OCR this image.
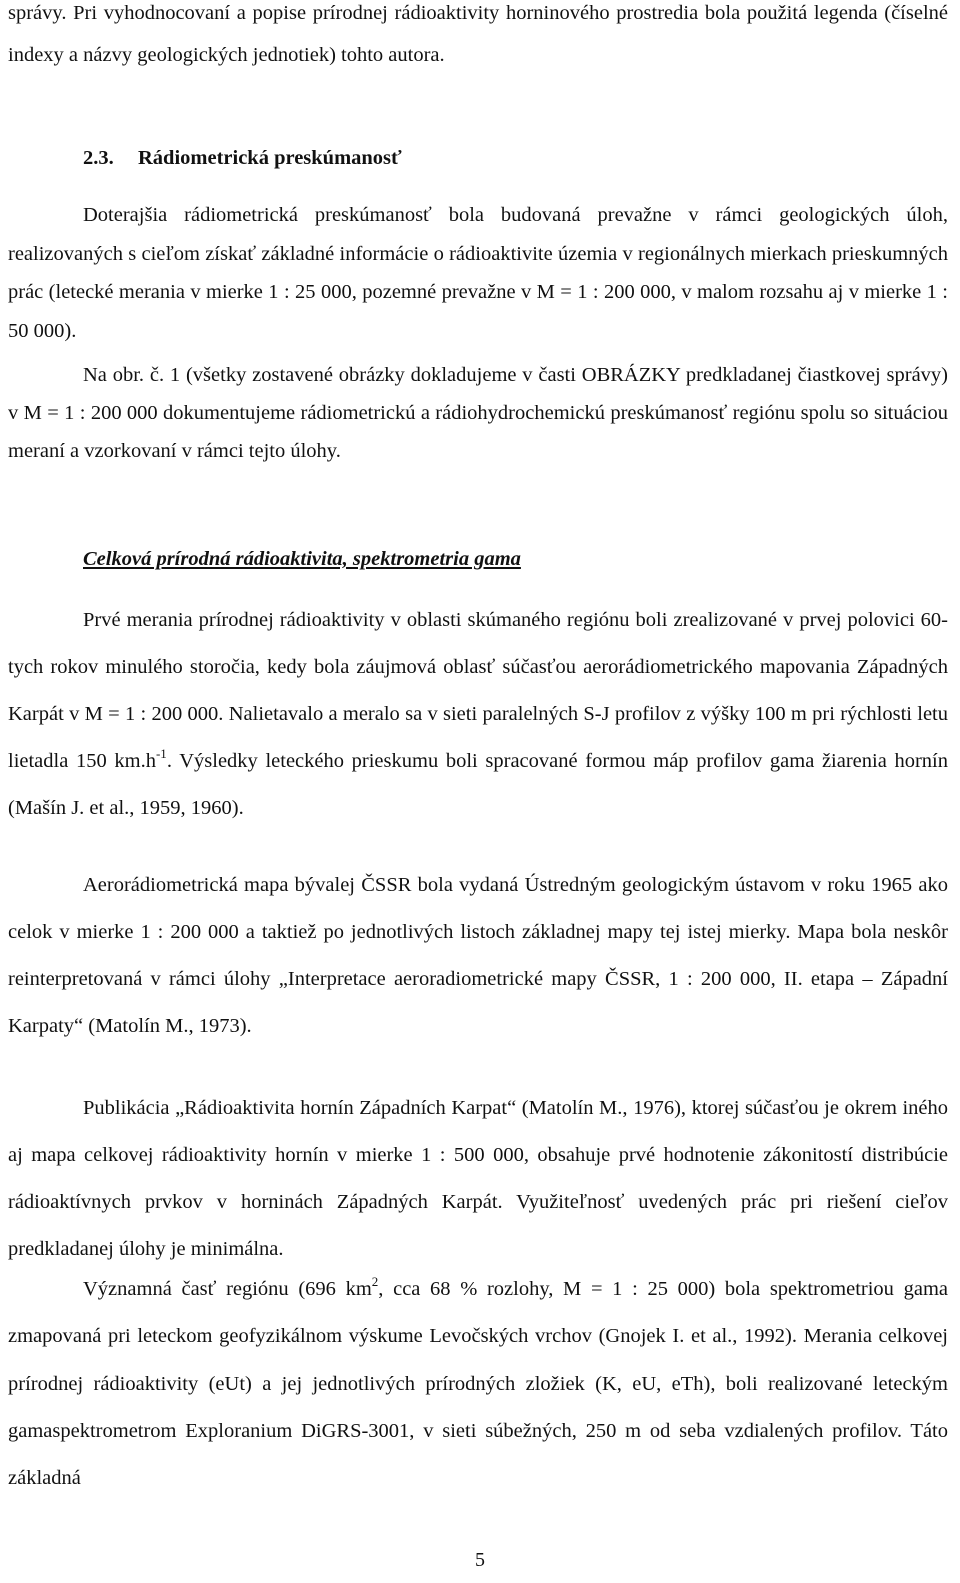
správy. Pri vyhodnocovaní a popise prírodnej rádioaktivity horninového prostredia bola použitá legenda (číselné indexy a názvy geologických jednotiek) tohto autora.

2.3. Rádiometrická preskúmanosť

Doterajšia rádiometrická preskúmanosť bola budovaná prevažne v rámci geologických úloh, realizovaných s cieľom získať základné informácie o rádioaktivite územia v regionálnych mierkach prieskumných prác (letecké merania v mierke 1 : 25 000, pozemné prevažne v M = 1 : 200 000, v malom rozsahu aj v mierke 1 : 50 000).

Na obr. č. 1 (všetky zostavené obrázky dokladujeme v časti OBRÁZKY predkladanej čiastkovej správy) v M = 1 : 200 000 dokumentujeme rádiometrickú a rádiohydrochemickú preskúmanosť regiónu spolu so situáciou meraní a vzorkovaní v rámci tejto úlohy.

Celková prírodná rádioaktivita, spektrometria gama

Prvé merania prírodnej rádioaktivity v oblasti skúmaného regiónu boli zrealizované v prvej polovici 60-tych rokov minulého storočia, kedy bola záujmová oblasť súčasťou aerorádiometrického mapovania Západných Karpát v M = 1 : 200 000. Nalietavalo a meralo sa v sieti paralelných S-J profilov z výšky 100 m pri rýchlosti letu lietadla 150 $km.h^{-1}$. Výsledky leteckého prieskumu boli spracované formou máp profilov gama žiarenia hornín (Mašín J. et al., 1959, 1960).

Aerorádiometrická mapa bývalej ČSSR bola vydaná Ústredným geologickým ústavom v roku 1965 ako celok v mierke 1 : 200 000 a taktiež po jednotlivých listoch základnej mapy tej istej mierky. Mapa bola neskôr reinterpretovaná v rámci úlohy „Interpretace aeroradiometrické mapy ČSSR, 1 : 200 000, II. etapa – Západní Karpaty“ (Matolín M., 1973).

Publikácia „Rádioaktivita hornín Západních Karpat“ (Matolín M., 1976), ktorej súčasťou je okrem iného aj mapa celkovej rádioaktivity hornín v mierke 1 : 500 000, obsahuje prvé hodnotenie zákonitostí distribúcie rádioaktívnych prvkov v horninách Západných Karpát. Využiteľnosť uvedených prác pri riešení cieľov predkladanej úlohy je minimálna.

Významná časť regiónu (696 $km^2$, cca 68 % rozlohy, M = 1 : 25 000) bola spektrometriou gama zmapovaná pri leteckom geofyzikálnom výskume Levočských vrchov (Gnojek I. et al., 1992). Merania celkovej prírodnej rádioaktivity (eUt) a jej jednotlivých prírodných zložiek (K, eU, eTh), boli realizované leteckým gamaspektrometrom Exploranium DiGRS-3001, v sieti súbežných, 250 m od seba vzdialených profilov. Táto základná

5
